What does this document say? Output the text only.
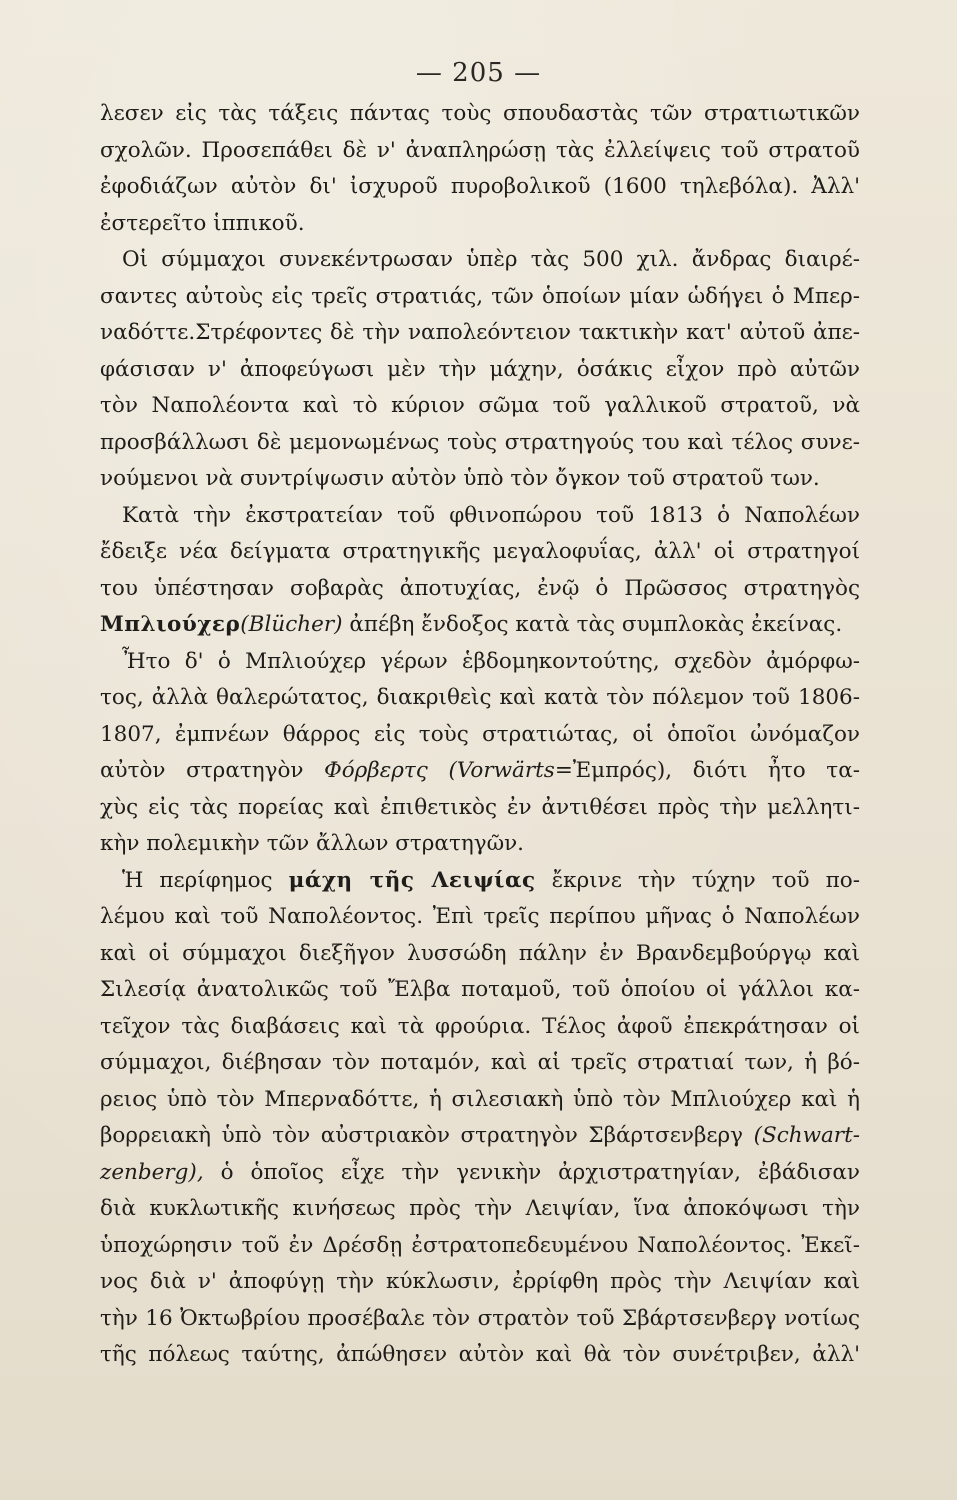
— 205 —
λεσεν εἰς τὰς τάξεις πάντας τοὺς σπουδαστὰς τῶν στρατιωτικῶν
σχολῶν. Προσεπάθει δὲ ν' ἀναπληρώσῃ τὰς ἐλλείψεις τοῦ στρατοῦ
ἐφοδιάζων αὐτὸν δι' ἰσχυροῦ πυροβολικοῦ (1600 τηλεβόλα). Ἀλλ'
ἐστερεῖτο ἱππικοῦ.
Οἱ σύμμαχοι συνεκέντρωσαν ὑπὲρ τὰς 500 χιλ. ἄνδρας διαιρέ-
σαντες αὐτοὺς εἰς τρεῖς στρατιάς, τῶν ὁποίων μίαν ὡδήγει ὁ Μπερ-
ναδόττε.Στρέφοντες δὲ τὴν ναπολεόντειον τακτικὴν κατ' αὐτοῦ ἀπε-
φάσισαν ν' ἀποφεύγωσι μὲν τὴν μάχην, ὁσάκις εἶχον πρὸ αὐτῶν
τὸν Ναπολέοντα καὶ τὸ κύριον σῶμα τοῦ γαλλικοῦ στρατοῦ, νὰ
προσβάλλωσι δὲ μεμονωμένως τοὺς στρατηγούς του καὶ τέλος συνε-
νούμενοι νὰ συντρίψωσιν αὐτὸν ὑπὸ τὸν ὄγκον τοῦ στρατοῦ των.
Κατὰ τὴν ἐκστρατείαν τοῦ φθινοπώρου τοῦ 1813 ὁ Ναπολέων
ἔδειξε νέα δείγματα στρατηγικῆς μεγαλοφυΐας, ἀλλ' οἱ στρατηγοί
του ὑπέστησαν σοβαρὰς ἀποτυχίας, ἐνῷ ὁ Πρῶσσος στρατηγὸς
Μπλιούχερ(Blücher) ἀπέβη ἔνδοξος κατὰ τὰς συμπλοκὰς ἐκείνας.
Ἦτο δ' ὁ Μπλιούχερ γέρων ἑβδομηκοντούτης, σχεδὸν ἀμόρφω-
τος, ἀλλὰ θαλερώτατος, διακριθεὶς καὶ κατὰ τὸν πόλεμον τοῦ 1806-
1807, ἐμπνέων θάρρος εἰς τοὺς στρατιώτας, οἱ ὁποῖοι ὠνόμαζον
αὐτὸν στρατηγὸν Φόρβερτς (Vorwärts=Ἐμπρός), διότι ἦτο τα-
χὺς εἰς τὰς πορείας καὶ ἐπιθετικὸς ἐν ἀντιθέσει πρὸς τὴν μελλητι-
κὴν πολεμικὴν τῶν ἄλλων στρατηγῶν.
Ἡ περίφημος μάχη τῆς Λειψίας ἔκρινε τὴν τύχην τοῦ πο-
λέμου καὶ τοῦ Ναπολέοντος. Ἐπὶ τρεῖς περίπου μῆνας ὁ Ναπολέων
καὶ οἱ σύμμαχοι διεξῆγον λυσσώδη πάλην ἐν Βρανδεμβούργῳ καὶ
Σιλεσίᾳ ἀνατολικῶς τοῦ Ἔλβα ποταμοῦ, τοῦ ὁποίου οἱ γάλλοι κα-
τεῖχον τὰς διαβάσεις καὶ τὰ φρούρια. Τέλος ἀφοῦ ἐπεκράτησαν οἱ
σύμμαχοι, διέβησαν τὸν ποταμόν, καὶ αἱ τρεῖς στρατιαί των, ἡ βό-
ρειος ὑπὸ τὸν Μπερναδόττε, ἡ σιλεσιακὴ ὑπὸ τὸν Μπλιούχερ καὶ ἡ
βορρειακὴ ὑπὸ τὸν αὐστριακὸν στρατηγὸν Σβάρτσενβεργ (Schwart-
zenberg), ὁ ὁποῖος εἶχε τὴν γενικὴν ἀρχιστρατηγίαν, ἐβάδισαν
διὰ κυκλωτικῆς κινήσεως πρὸς τὴν Λειψίαν, ἵνα ἀποκόψωσι τὴν
ὑποχώρησιν τοῦ ἐν Δρέσδῃ ἐστρατοπεδευμένου Ναπολέοντος. Ἐκεῖ-
νος διὰ ν' ἀποφύγῃ τὴν κύκλωσιν, ἐρρίφθη πρὸς τὴν Λειψίαν καὶ
τὴν 16 Ὀκτωβρίου προσέβαλε τὸν στρατὸν τοῦ Σβάρτσενβεργ νοτίως
τῆς πόλεως ταύτης, ἀπώθησεν αὐτὸν καὶ θὰ τὸν συνέτριβεν, ἀλλ'
